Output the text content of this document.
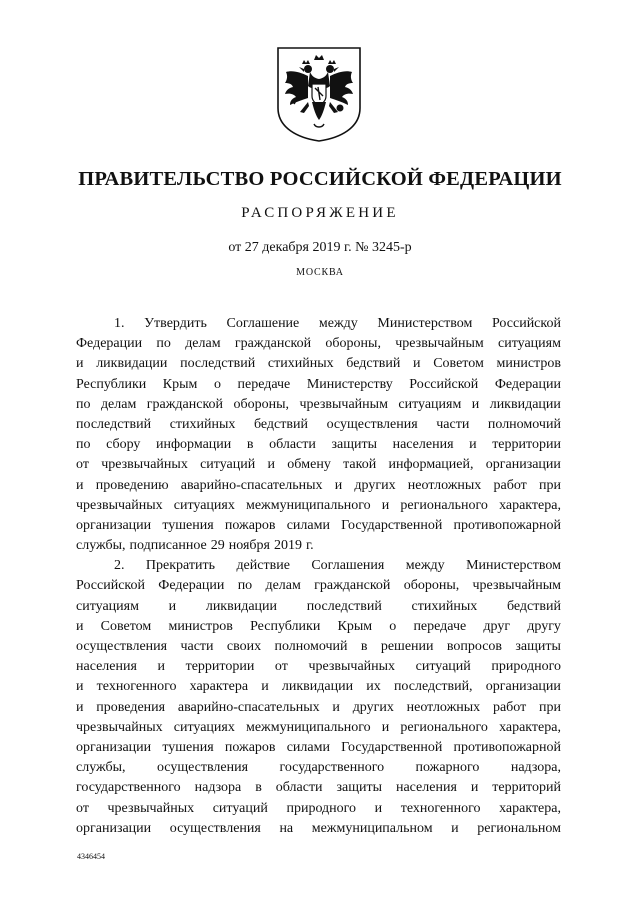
ПРАВИТЕЛЬСТВО РОССИЙСКОЙ ФЕДЕРАЦИИ
РАСПОРЯЖЕНИЕ
от 27 декабря 2019 г. № 3245-р
МОСКВА
1. Утвердить Соглашение между Министерством Российской
Федерации по делам гражданской обороны, чрезвычайным ситуациям
и ликвидации последствий стихийных бедствий и Советом министров
Республики Крым о передаче Министерству Российской Федерации
по делам гражданской обороны, чрезвычайным ситуациям и ликвидации
последствий стихийных бедствий осуществления части полномочий
по сбору информации в области защиты населения и территории
от чрезвычайных ситуаций и обмену такой информацией, организации
и проведению аварийно-спасательных и других неотложных работ при
чрезвычайных ситуациях межмуниципального и регионального характера,
организации тушения пожаров силами Государственной противопожарной
службы, подписанное 29 ноября 2019 г.
2. Прекратить действие Соглашения между Министерством
Российской Федерации по делам гражданской обороны, чрезвычайным
ситуациям и ликвидации последствий стихийных бедствий
и Советом министров Республики Крым о передаче друг другу
осуществления части своих полномочий в решении вопросов защиты
населения и территории от чрезвычайных ситуаций природного
и техногенного характера и ликвидации их последствий, организации
и проведения аварийно-спасательных и других неотложных работ при
чрезвычайных ситуациях межмуниципального и регионального характера,
организации тушения пожаров силами Государственной противопожарной
службы, осуществления государственного пожарного надзора,
государственного надзора в области защиты населения и территорий
от чрезвычайных ситуаций природного и техногенного характера,
организации осуществления на межмуниципальном и региональном
4346454
